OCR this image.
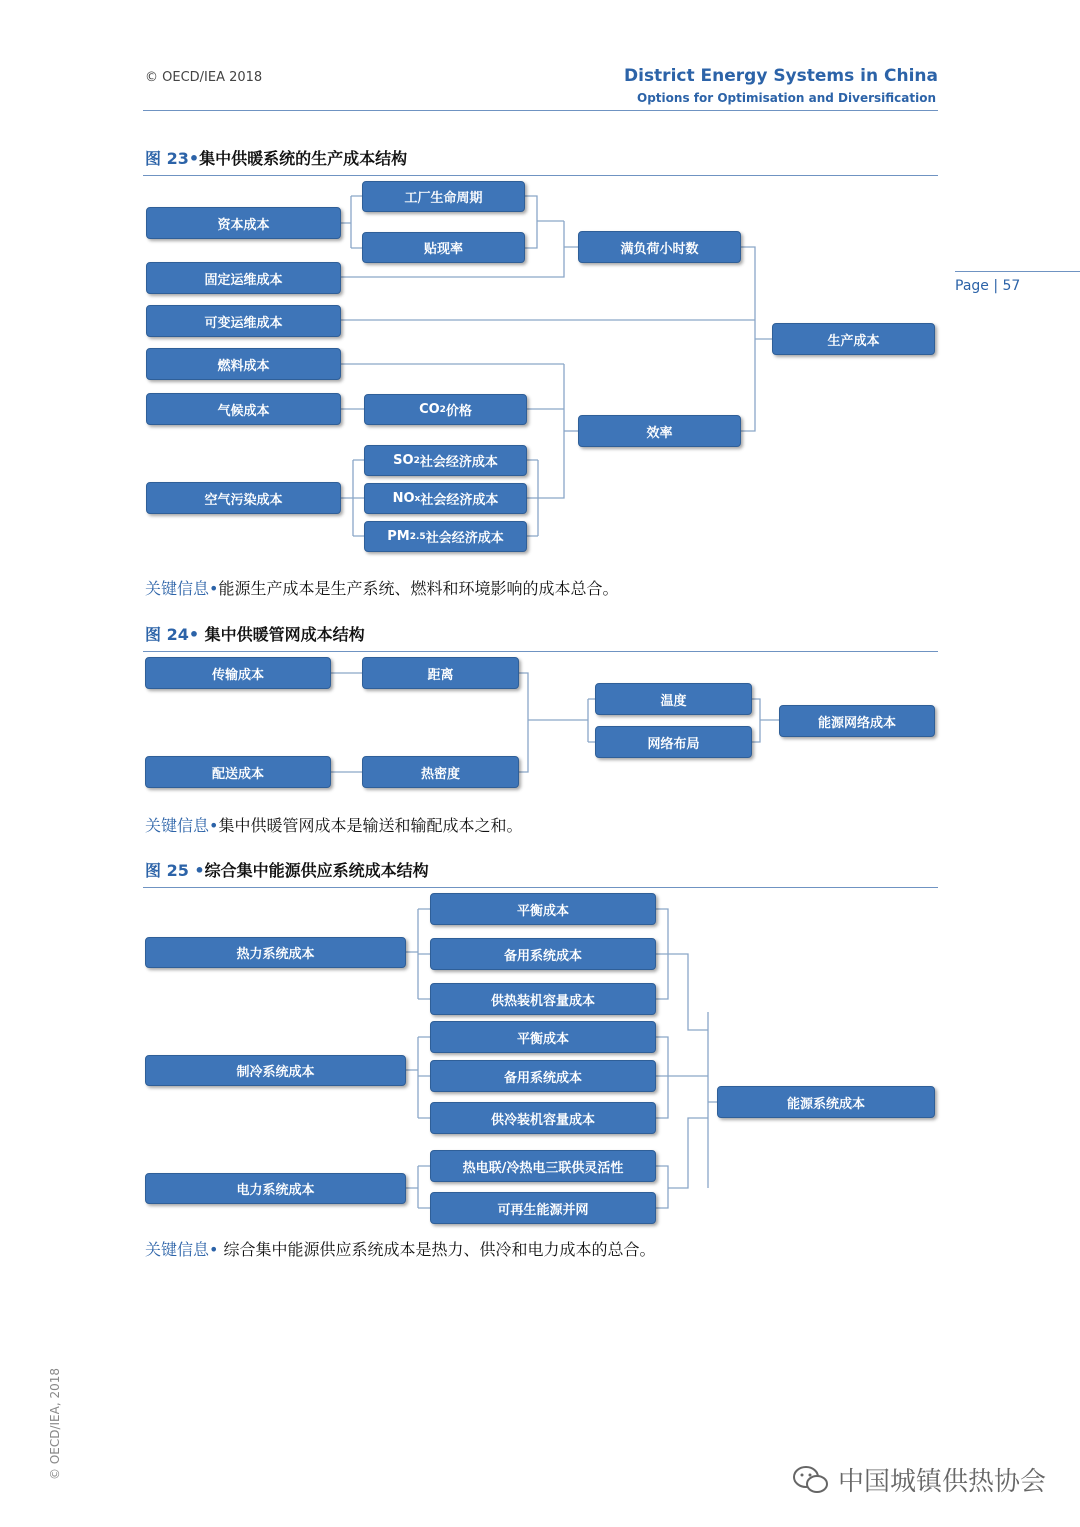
© OECD/IEA 2018	District Energy Systems in China
Options for Optimisation and Diversification
Page | 57
图 23•集中供暖系统的生产成本结构
资本成本
固定运维成本
可变运维成本
燃料成本
气候成本
空气污染成本
工厂生命周期
贴现率	满负荷小时数
CO 2 价格
SO 2 社会经济成本
NO x 社会经济成本
PM 2.5 社会经济成本
效率
生产成本
关键信息•能源生产成本是生产系统、燃料和环境影响的成本总合。
图 24• 集中供暖管网成本结构
传输成本	距离
配送成本	热密度
温度
网络布局
能源网络成本
关键信息•集中供暖管网成本是输送和输配成本之和。
图 25 •综合集中能源供应系统成本结构
热力系统成本
平衡成本
备用系统成本
供热装机容量成本
制冷系统成本
平衡成本
备用系统成本
供冷装机容量成本
电力系统成本
热电联/冷热电三联供灵活性
可再生能源并网
能源系统成本
关键信息• 综合集中能源供应系统成本是热力、供冷和电力成本的总合。
© OECD/IEA, 2018
中国城镇供热协会
